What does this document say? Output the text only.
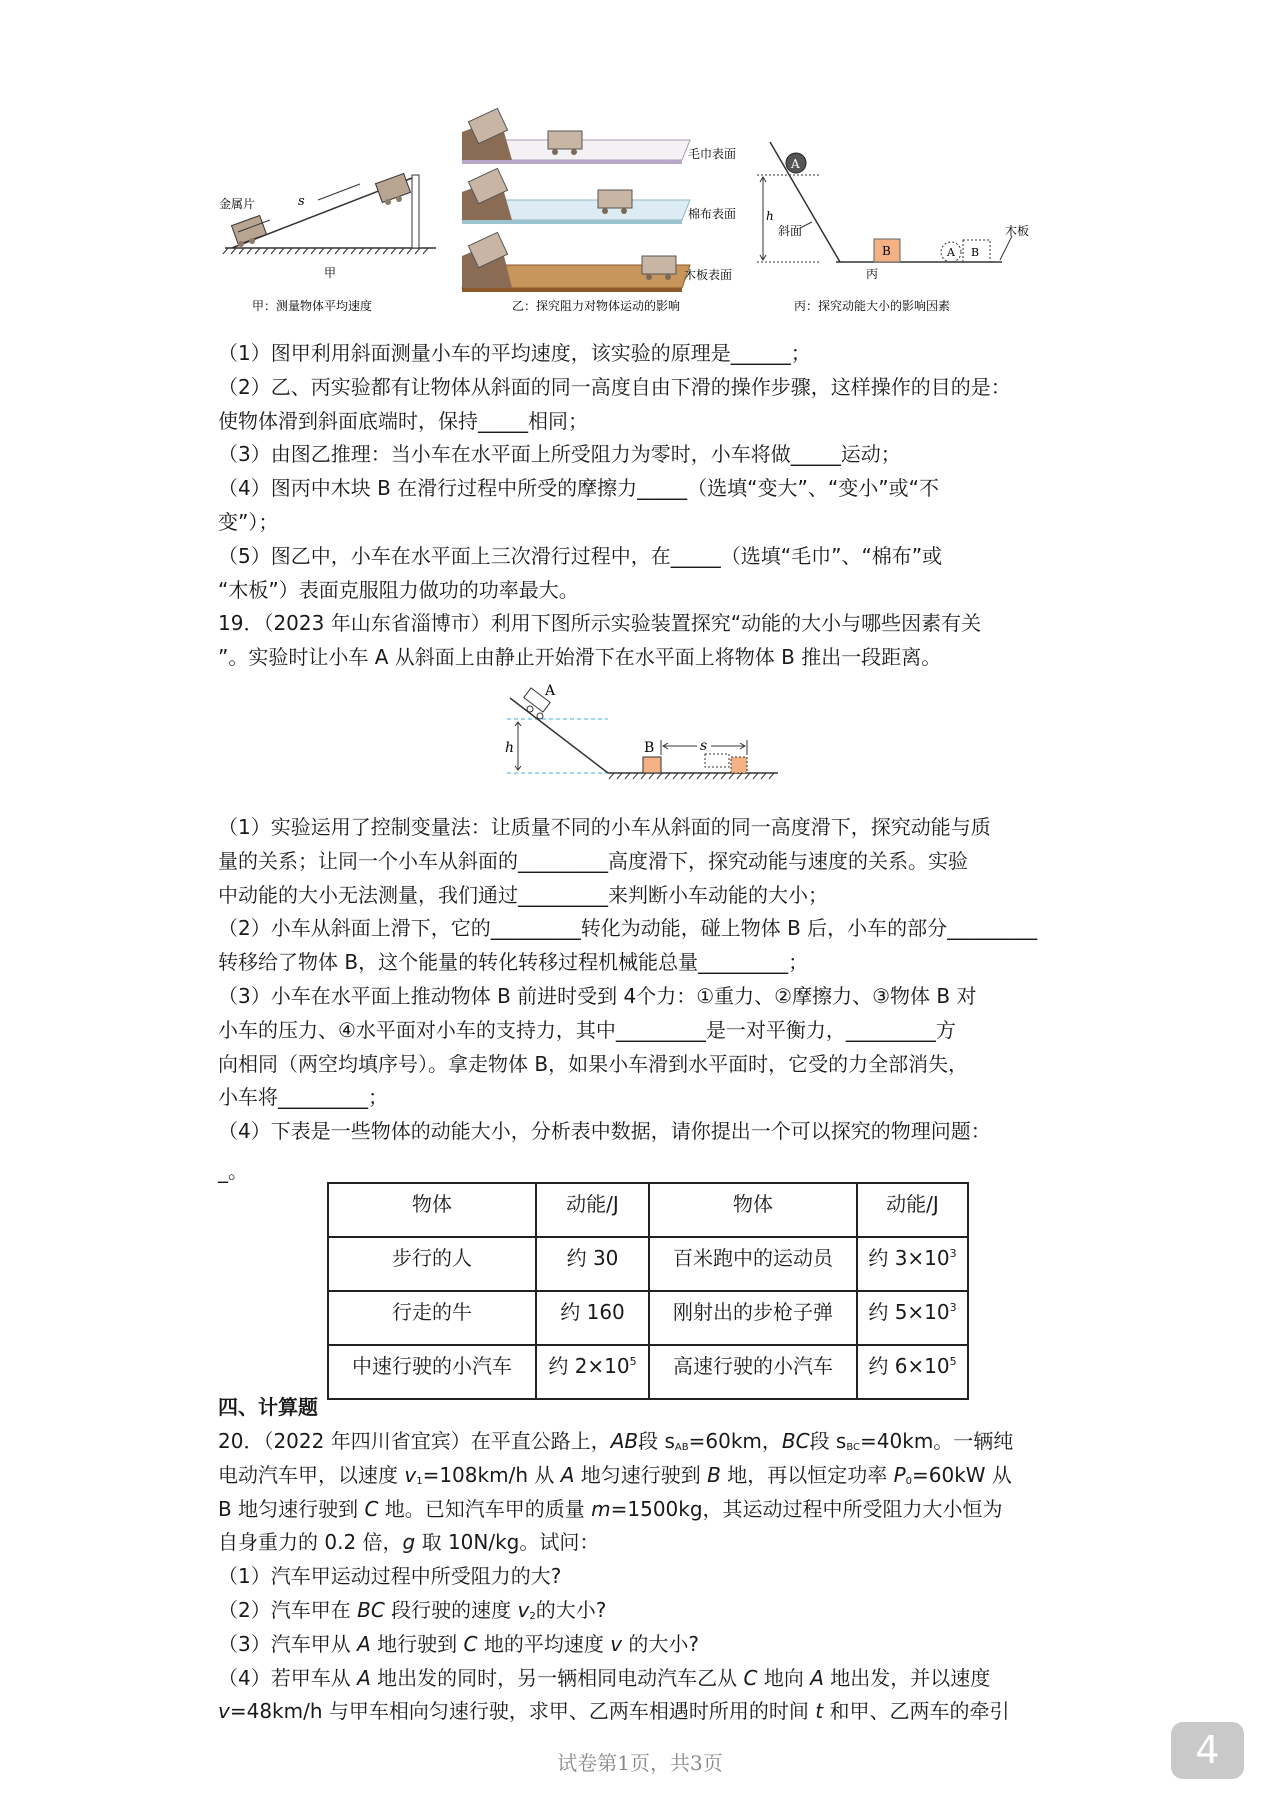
金属片	s
甲
甲：测量物体平均速度
毛巾表面
棉布表面
木板表面
乙：探究阻力对物体运动的影响
A
h
斜面
B	A B
木板
丙
丙：探究动能大小的影响因素
（1）图甲利用斜面测量小车的平均速度，该实验的原理是______；
（2）乙、丙实验都有让物体从斜面的同一高度自由下滑的操作步骤，这样操作的目的是：
使物体滑到斜面底端时，保持_____相同；
（3）由图乙推理：当小车在水平面上所受阻力为零时，小车将做_____运动；
（4）图丙中木块 B 在滑行过程中所受的摩擦力_____（选填“变大”、“变小”或“不
变”）；
（5）图乙中，小车在水平面上三次滑行过程中，在_____（选填“毛巾”、“棉布”或
“木板”）表面克服阻力做功的功率最大。
19．（2023 年山东省淄博市）利用下图所示实验装置探究“动能的大小与哪些因素有关
”。实验时让小车 A 从斜面上由静止开始滑下在水平面上将物体 B 推出一段距离。
h
A
B	s
（1）实验运用了控制变量法：让质量不同的小车从斜面的同一高度滑下，探究动能与质
量的关系；让同一个小车从斜面的_________高度滑下，探究动能与速度的关系。实验
中动能的大小无法测量，我们通过_________来判断小车动能的大小；
（2）小车从斜面上滑下，它的_________转化为动能，碰上物体 B 后，小车的部分_________
转移给了物体 B，这个能量的转化转移过程机械能总量_________；
（3）小车在水平面上推动物体 B 前进时受到 4个力：①重力、②摩擦力、③物体 B 对
小车的压力、④水平面对小车的支持力，其中_________是一对平衡力，_________方
向相同（两空均填序号）。拿走物体 B，如果小车滑到水平面时，它受的力全部消失，
小车将_________；
（4）下表是一些物体的动能大小，分析表中数据，请你提出一个可以探究的物理问题：
_。
物体	动能/J	物体	动能/J
步行的人	约 30	百米跑中的运动员	约 $3\times 10^3$
行走的牛	约 160	刚射出的步枪子弹	约 $5\times 10^3$
中速行驶的小汽车	约 $2\times 10^5$	高速行驶的小汽车	约 $6\times 10^5$
四、计算题
20．（2022 年四川省宜宾）在平直公路上，AB段 $s_{AB}=60km$，BC段 $s_{BC}=40km$。一辆纯
电动汽车甲，以速度 $v_1=108km/h$ 从 A 地匀速行驶到 B 地，再以恒定功率 $P_0=60kW$ 从
B 地匀速行驶到 C 地。已知汽车甲的质量 m=1500kg，其运动过程中所受阻力大小恒为
自身重力的 0.2 倍，g 取 10N/kg。试问：
（1）汽车甲运动过程中所受阻力的大?
（2）汽车甲在 BC 段行驶的速度 $v_2$的大小?
（3）汽车甲从 A 地行驶到 C 地的平均速度 v 的大小?
（4）若甲车从 A 地出发的同时，另一辆相同电动汽车乙从 C 地向 A 地出发，并以速度
v=48km/h 与甲车相向匀速行驶，求甲、乙两车相遇时所用的时间 t 和甲、乙两车的牵引
试卷第1页，共3页	4
